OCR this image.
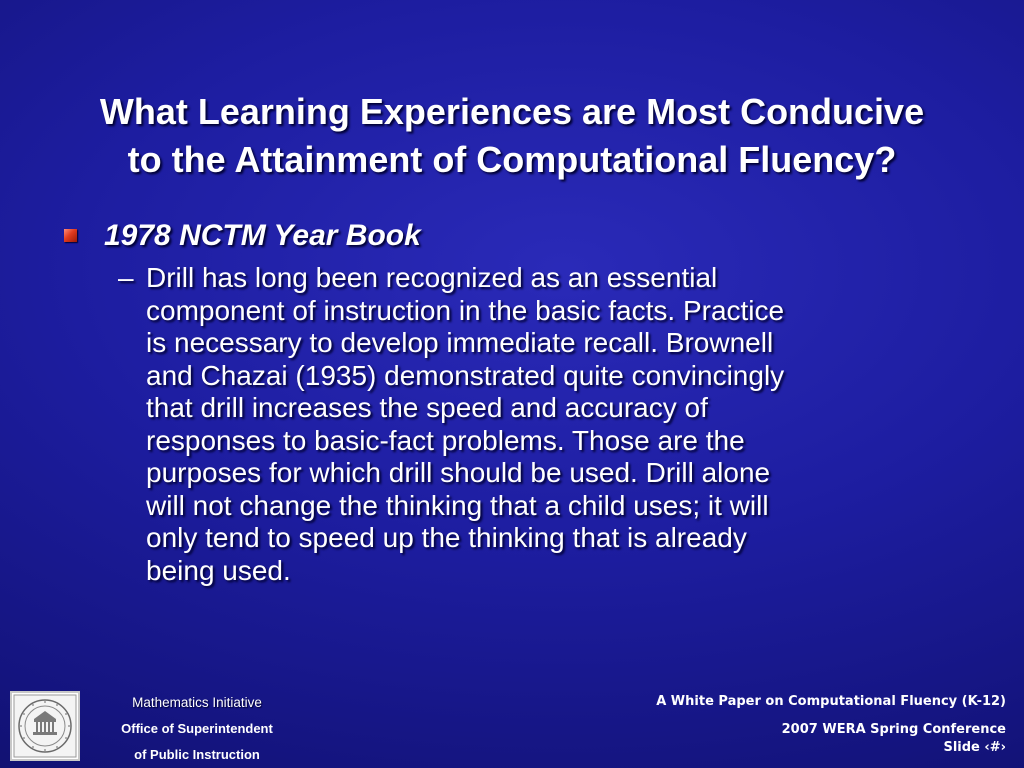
What Learning Experiences are Most Conducive
to the Attainment of Computational Fluency?
1978 NCTM Year Book
– Drill has long been recognized as an essential
component of instruction in the basic facts. Practice
is necessary to develop immediate recall. Brownell
and Chazai (1935) demonstrated quite convincingly
that drill increases the speed and accuracy of
responses to basic-fact problems. Those are the
purposes for which drill should be used. Drill alone
will not change the thinking that a child uses; it will
only tend to speed up the thinking that is already
being used.
Mathematics Initiative
Office of Superintendent
of Public Instruction
A White Paper on Computational Fluency (K-12)
2007 WERA Spring Conference
Slide ‹#›
